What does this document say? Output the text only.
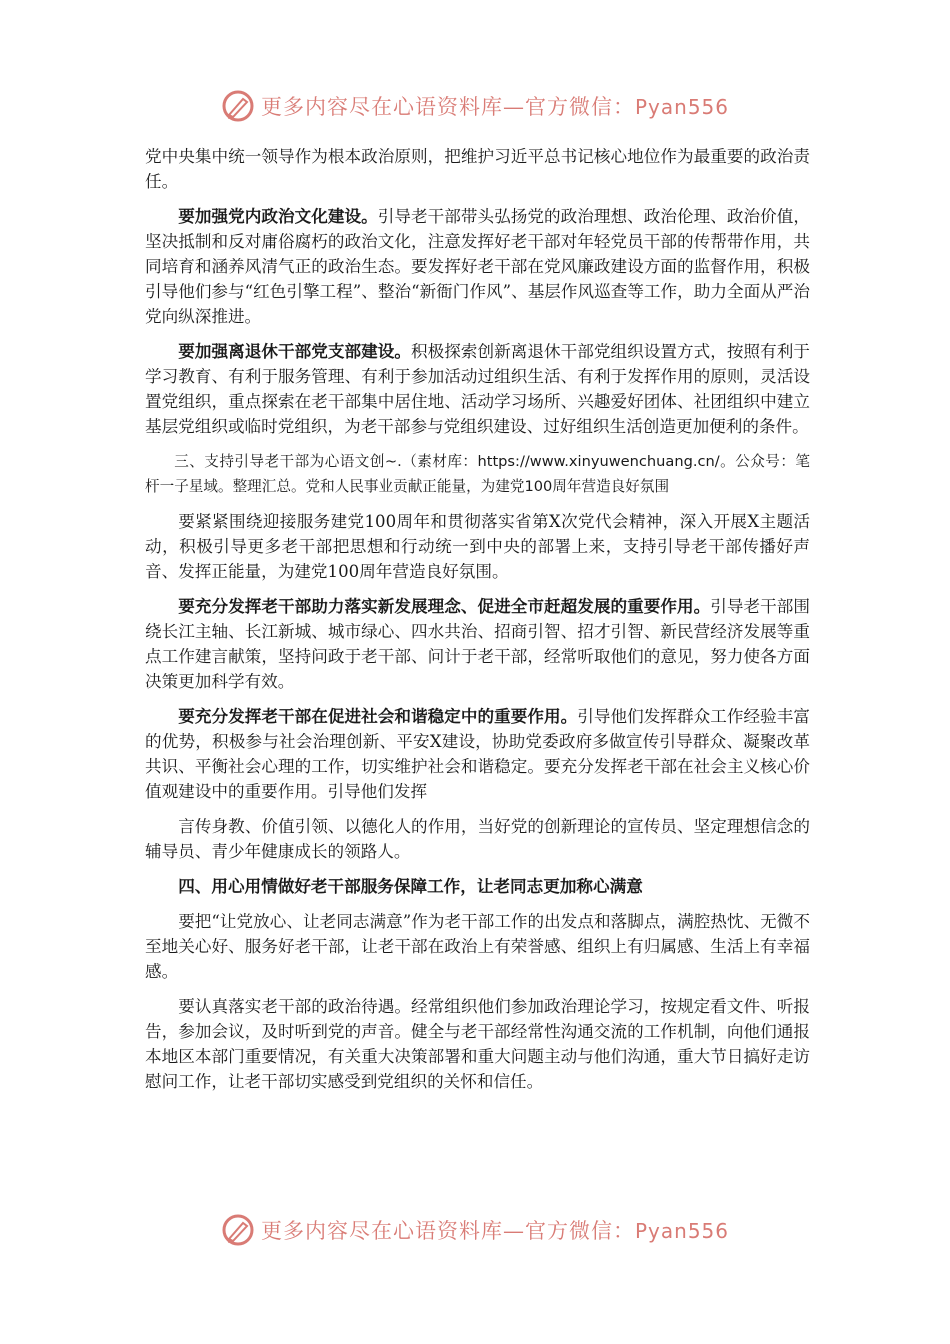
更多内容尽在心语资料库—官方微信：Pyan556

党中央集中统一领导作为根本政治原则，把维护习近平总书记核心地位作为最重要的政治责任。

要加强党内政治文化建设。引导老干部带头弘扬党的政治理想、政治伦理、政治价值，坚决抵制和反对庸俗腐朽的政治文化，注意发挥好老干部对年轻党员干部的传帮带作用，共同培育和涵养风清气正的政治生态。要发挥好老干部在党风廉政建设方面的监督作用，积极引导他们参与“红色引擎工程”、整治“新衙门作风”、基层作风巡查等工作，助力全面从严治党向纵深推进。

要加强离退休干部党支部建设。积极探索创新离退休干部党组织设置方式，按照有利于学习教育、有利于服务管理、有利于参加活动过组织生活、有利于发挥作用的原则，灵活设置党组织，重点探索在老干部集中居住地、活动学习场所、兴趣爱好团体、社团组织中建立基层党组织或临时党组织，为老干部参与党组织建设、过好组织生活创造更加便利的条件。

三、支持引导老干部为心语文创~.（素材库：https://www.xinyuwenchuang.cn/。公众号：笔杆一子星域。整理汇总。党和人民事业贡献正能量，为建党100周年营造良好氛围

要紧紧围绕迎接服务建党100周年和贯彻落实省第X次党代会精神，深入开展X主题活动，积极引导更多老干部把思想和行动统一到中央的部署上来，支持引导老干部传播好声音、发挥正能量，为建党100周年营造良好氛围。

要充分发挥老干部助力落实新发展理念、促进全市赶超发展的重要作用。引导老干部围绕长江主轴、长江新城、城市绿心、四水共治、招商引智、招才引智、新民营经济发展等重点工作建言献策，坚持问政于老干部、问计于老干部，经常听取他们的意见，努力使各方面决策更加科学有效。

要充分发挥老干部在促进社会和谐稳定中的重要作用。引导他们发挥群众工作经验丰富的优势，积极参与社会治理创新、平安X建设，协助党委政府多做宣传引导群众、凝聚改革共识、平衡社会心理的工作，切实维护社会和谐稳定。要充分发挥老干部在社会主义核心价值观建设中的重要作用。引导他们发挥

言传身教、价值引领、以德化人的作用，当好党的创新理论的宣传员、坚定理想信念的辅导员、青少年健康成长的领路人。

四、用心用情做好老干部服务保障工作，让老同志更加称心满意

要把“让党放心、让老同志满意”作为老干部工作的出发点和落脚点，满腔热忱、无微不至地关心好、服务好老干部，让老干部在政治上有荣誉感、组织上有归属感、生活上有幸福感。

要认真落实老干部的政治待遇。经常组织他们参加政治理论学习，按规定看文件、听报告，参加会议，及时听到党的声音。健全与老干部经常性沟通交流的工作机制，向他们通报本地区本部门重要情况，有关重大决策部署和重大问题主动与他们沟通，重大节日搞好走访慰问工作，让老干部切实感受到党组织的关怀和信任。

更多内容尽在心语资料库—官方微信：Pyan556
